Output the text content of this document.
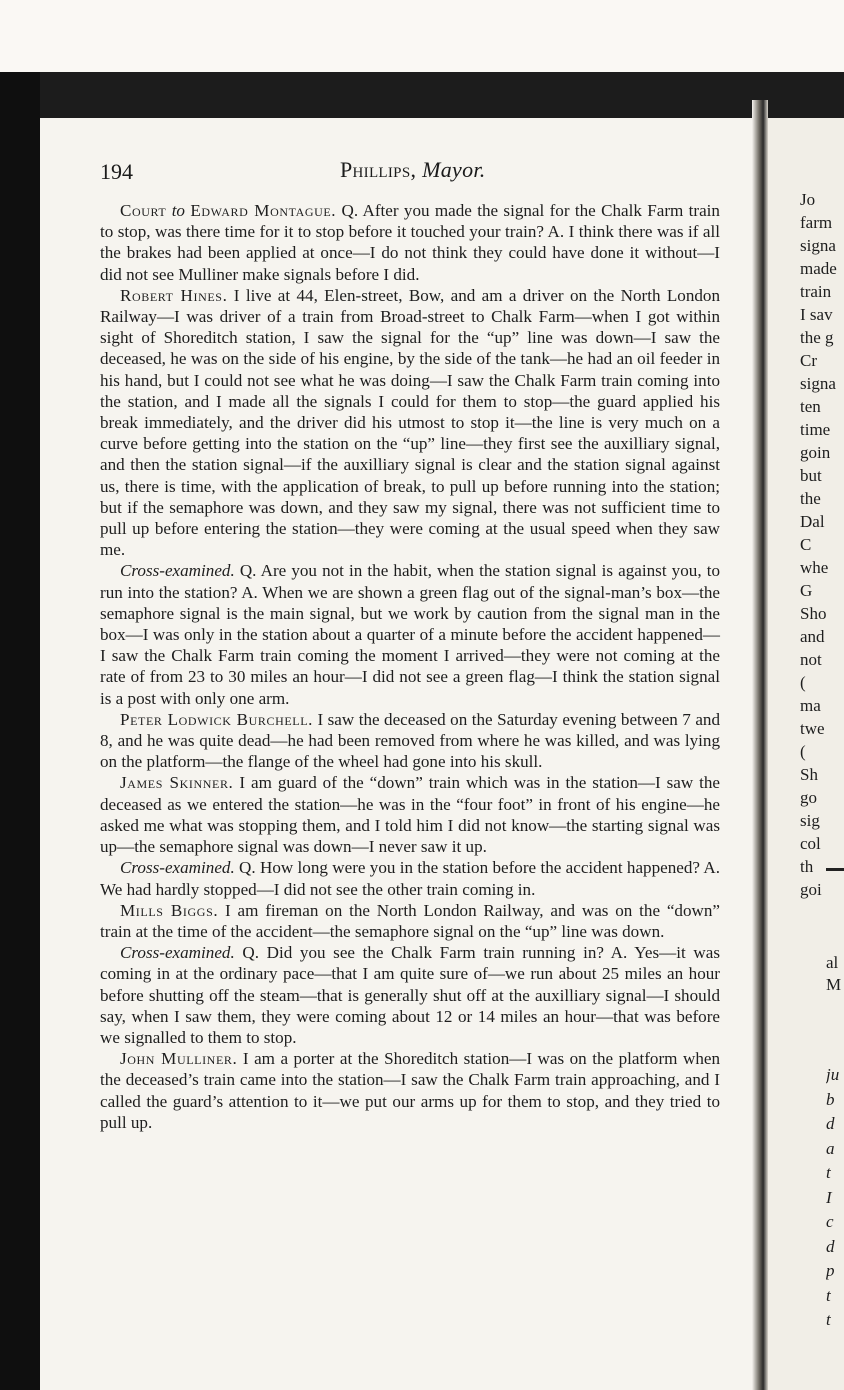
194	Phillips, Mayor.

Court to Edward Montague. Q. After you made the signal for the Chalk Farm train to stop, was there time for it to stop before it touched your train? A. I think there was if all the brakes had been applied at once—I do not think they could have done it without—I did not see Mulliner make signals before I did.

Robert Hines. I live at 44, Elen-street, Bow, and am a driver on the North London Railway—I was driver of a train from Broad-street to Chalk Farm—when I got within sight of Shoreditch station, I saw the signal for the “up” line was down—I saw the deceased, he was on the side of his engine, by the side of the tank—he had an oil feeder in his hand, but I could not see what he was doing—I saw the Chalk Farm train coming into the station, and I made all the signals I could for them to stop—the guard applied his break immediately, and the driver did his utmost to stop it—the line is very much on a curve before getting into the station on the “up” line—they first see the auxilliary signal, and then the station signal—if the auxilliary signal is clear and the station signal against us, there is time, with the application of break, to pull up before running into the station; but if the semaphore was down, and they saw my signal, there was not sufficient time to pull up before entering the station—they were coming at the usual speed when they saw me.

Cross-examined. Q. Are you not in the habit, when the station signal is against you, to run into the station? A. When we are shown a green flag out of the signal-man’s box—the semaphore signal is the main signal, but we work by caution from the signal man in the box—I was only in the station about a quarter of a minute before the accident happened—I saw the Chalk Farm train coming the moment I arrived—they were not coming at the rate of from 23 to 30 miles an hour—I did not see a green flag—I think the station signal is a post with only one arm.

Peter Lodwick Burchell. I saw the deceased on the Saturday evening between 7 and 8, and he was quite dead—he had been removed from where he was killed, and was lying on the platform—the flange of the wheel had gone into his skull.

James Skinner. I am guard of the “down” train which was in the station—I saw the deceased as we entered the station—he was in the “four foot” in front of his engine—he asked me what was stopping them, and I told him I did not know—the starting signal was up—the semaphore signal was down—I never saw it up.

Cross-examined. Q. How long were you in the station before the accident happened? A. We had hardly stopped—I did not see the other train coming in.

Mills Biggs. I am fireman on the North London Railway, and was on the “down” train at the time of the accident—the semaphore signal on the “up” line was down.

Cross-examined. Q. Did you see the Chalk Farm train running in? A. Yes—it was coming in at the ordinary pace—that I am quite sure of—we run about 25 miles an hour before shutting off the steam—that is generally shut off at the auxilliary signal—I should say, when I saw them, they were coming about 12 or 14 miles an hour—that was before we signalled to them to stop.

John Mulliner. I am a porter at the Shoreditch station—I was on the platform when the deceased’s train came into the station—I saw the Chalk Farm train approaching, and I called the guard’s attention to it—we put our arms up for them to stop, and they tried to pull up.

Jo
farm
signa
made
train
I sav
the g
Cr
signa
ten
time
goin
but
the
Dal
C
whe
G
Sho
and
not
(
ma
twe
(
Sh
go
sig
col
th
goi
al
M
ju
b
d
a
t
I
c
d
p
t
t
